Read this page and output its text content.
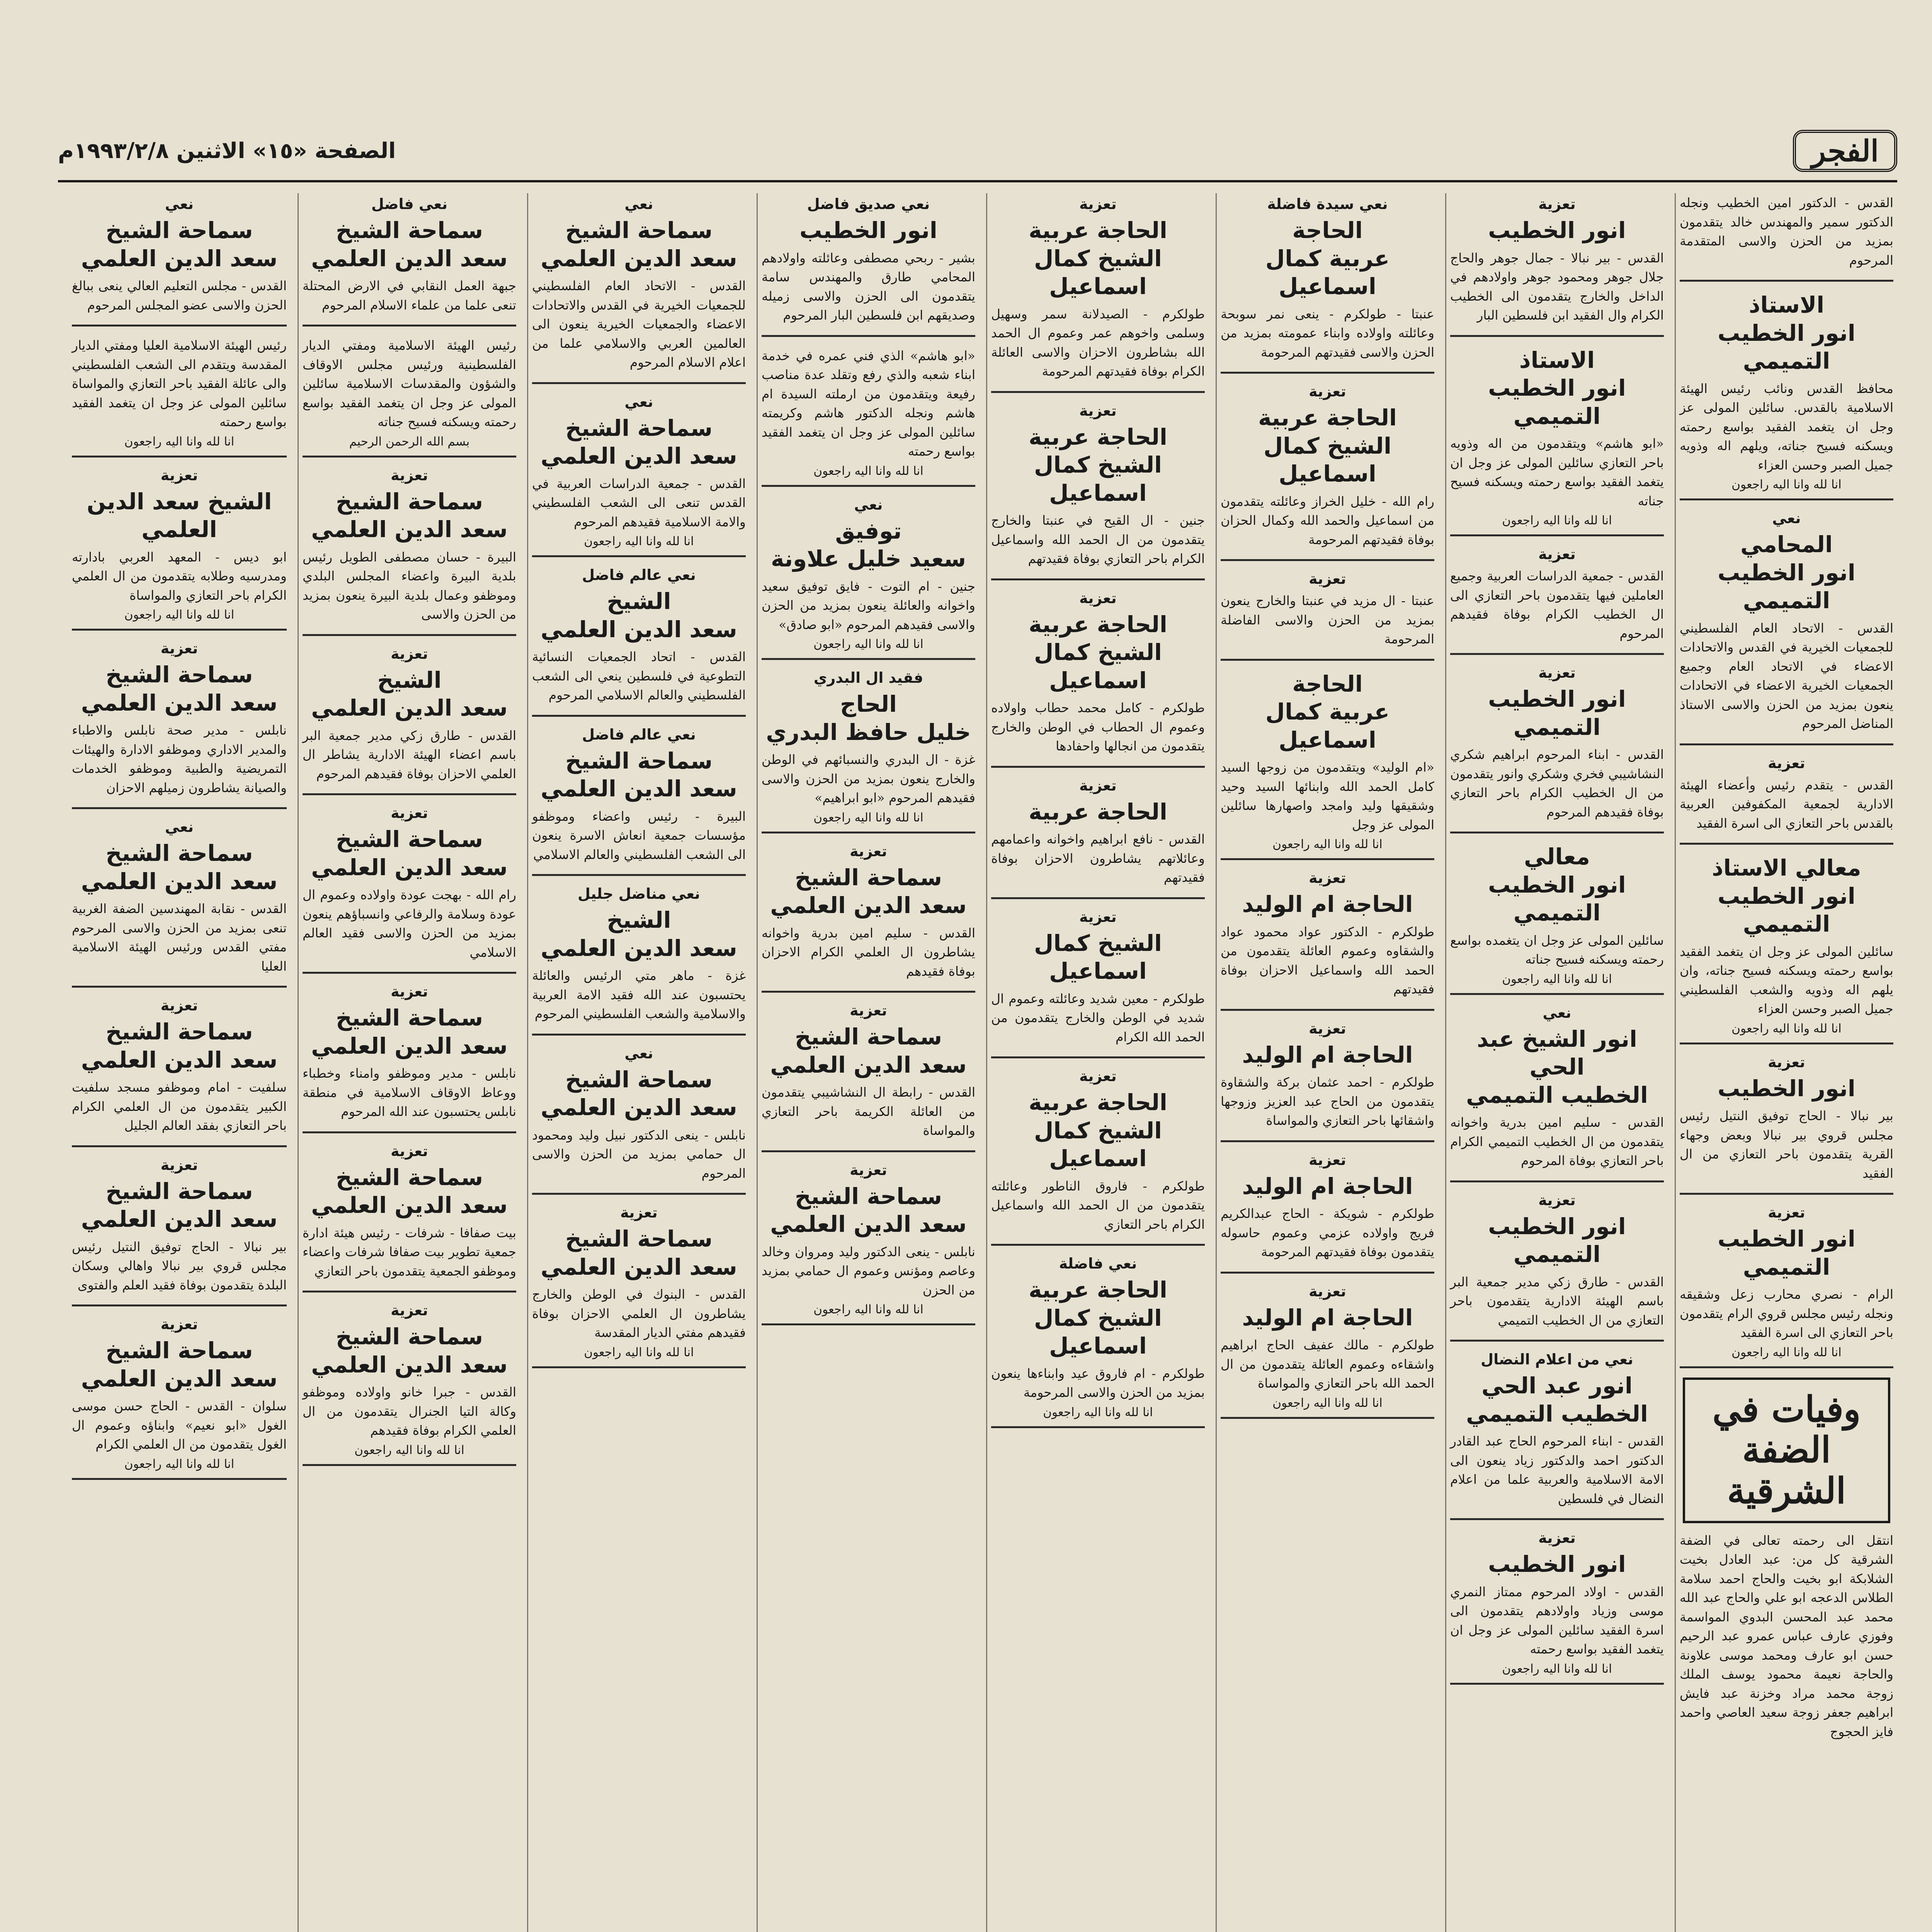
الفجر
الصفحة «١٥» الاثنين ١٩٩٣/٢/٨م
القدس - الدكتور امين الخطيب ونجله الدكتور سمير والمهندس خالد يتقدمون بمزيد من الحزن والاسى المتقدمة المرحوم
الاستاذ
انور الخطيب التميمي
محافظ القدس ونائب رئيس الهيئة الاسلامية بالقدس. سائلين المولى عز وجل ان يتغمد الفقيد بواسع رحمته ويسكنه فسيح جناته، ويلهم اله وذويه جميل الصبر وحسن العزاء
انا لله وانا اليه راجعون
نعي
المحامي
انور الخطيب التميمي
القدس - الاتحاد العام الفلسطيني للجمعيات الخيرية في القدس والاتحادات الاعضاء في الاتحاد العام وجميع الجمعيات الخيرية الاعضاء في الاتحادات ينعون بمزيد من الحزن والاسى الاستاذ المناضل المرحوم
تعزية
القدس - يتقدم رئيس وأعضاء الهيئة الادارية لجمعية المكفوفين العربية بالقدس باحر التعازي الى اسرة الفقيد
معالي الاستاذ
انور الخطيب التميمي
سائلين المولى عز وجل ان يتغمد الفقيد بواسع رحمته ويسكنه فسيح جناته، وان يلهم اله وذويه والشعب الفلسطيني جميل الصبر وحسن العزاء
انا لله وانا اليه راجعون
تعزية
انور الخطيب
بير نبالا - الحاج توفيق النتيل رئيس مجلس قروي بير نبالا وبعض وجهاء القرية يتقدمون باحر التعازي من ال الفقيد
تعزية
انور الخطيب التميمي
الرام - نصري محارب زعل وشقيقه ونجله رئيس مجلس قروي الرام يتقدمون باحر التعازي الى اسرة الفقيد
انا لله وانا اليه راجعون
وفيات في الضفة الشرقية
انتقل الى رحمته تعالى في الضفة الشرقية كل من: عبد العادل بخيت الشلابكة ابو بخيت والحاج احمد سلامة الطلاس الدعجه ابو علي والحاج عبد الله محمد عبد المحسن البدوي المواسمة وفوزي عارف عباس عمرو عبد الرحيم حسن ابو عارف ومحمد موسى علاونة والحاجة نعيمة محمود يوسف الملك زوجة محمد مراد وخزنة عبد فايش ابراهيم جعفر زوجة سعيد العاصي واحمد فايز الحجوج
تعزية
انور الخطيب
القدس - بير نبالا - جمال جوهر والحاج جلال جوهر ومحمود جوهر واولادهم في الداخل والخارج يتقدمون الى الخطيب الكرام وال الفقيد ابن فلسطين البار
الاستاذ
انور الخطيب التميمي
«ابو هاشم» ويتقدمون من اله وذويه باحر التعازي سائلين المولى عز وجل ان يتغمد الفقيد بواسع رحمته ويسكنه فسيح جناته
انا لله وانا اليه راجعون
تعزية
القدس - جمعية الدراسات العربية وجميع العاملين فيها يتقدمون باحر التعازي الى ال الخطيب الكرام بوفاة فقيدهم المرحوم
تعزية
انور الخطيب التميمي
القدس - ابناء المرحوم ابراهيم شكري النشاشيبي فخري وشكري وانور يتقدمون من ال الخطيب الكرام باحر التعازي بوفاة فقيدهم المرحوم
معالي
انور الخطيب التميمي
سائلين المولى عز وجل ان يتغمده بواسع رحمته ويسكنه فسيح جناته
انا لله وانا اليه راجعون
نعي
انور الشيخ عبد الحي
الخطيب التميمي
القدس - سليم امين بدرية واخوانه يتقدمون من ال الخطيب التميمي الكرام باحر التعازي بوفاة المرحوم
تعزية
انور الخطيب التميمي
القدس - طارق زكي مدير جمعية البر باسم الهيئة الادارية يتقدمون باحر التعازي من ال الخطيب التميمي
نعي من اعلام النضال
انور عبد الحي
الخطيب التميمي
القدس - ابناء المرحوم الحاج عبد القادر الدكتور احمد والدكتور زياد ينعون الى الامة الاسلامية والعربية علما من اعلام النضال في فلسطين
تعزية
انور الخطيب
القدس - اولاد المرحوم ممتاز النمري موسى وزياد واولادهم يتقدمون الى اسرة الفقيد سائلين المولى عز وجل ان يتغمد الفقيد بواسع رحمته
انا لله وانا اليه راجعون
نعي سيدة فاضلة
الحاجة
عربية كمال اسماعيل
عنبتا - طولكرم - ينعى نمر سوبحة وعائلته واولاده وابناء عمومته بمزيد من الحزن والاسى فقيدتهم المرحومة
تعزية
الحاجة عربية
الشيخ كمال اسماعيل
رام الله - خليل الخراز وعائلته يتقدمون من اسماعيل والحمد الله وكمال الحزان بوفاة فقيدتهم المرحومة
تعزية
عنبتا - ال مزيد في عنبتا والخارج ينعون بمزيد من الحزن والاسى الفاضلة المرحومة
الحاجة
عربية كمال اسماعيل
«ام الوليد» ويتقدمون من زوجها السيد كامل الحمد الله وابنائها السيد وحيد وشقيقها وليد وامجد واصهارها سائلين المولى عز وجل
انا لله وانا اليه راجعون
تعزية
الحاجة ام الوليد
طولكرم - الدكتور عواد محمود عواد والشقاوه وعموم العائلة يتقدمون من الحمد الله واسماعيل الاحزان بوفاة فقيدتهم
تعزية
الحاجة ام الوليد
طولكرم - احمد عثمان بركة والشقاوة يتقدمون من الحاج عبد العزيز وزوجها واشقائها باحر التعازي والمواساة
تعزية
الحاجة ام الوليد
طولكرم - شويكة - الحاج عبدالكريم فريج واولاده عزمي وعموم حاسوله يتقدمون بوفاة فقيدتهم المرحومة
تعزية
الحاجة ام الوليد
طولكرم - مالك عفيف الحاج ابراهيم واشقاءه وعموم العائلة يتقدمون من ال الحمد الله باحر التعازي والمواساة
انا لله وانا اليه راجعون
تعزية
الحاجة عربية
الشيخ كمال اسماعيل
طولكرم - الصيدلانة سمر وسهيل وسلمى واخوهم عمر وعموم ال الحمد الله بشاطرون الاحزان والاسى العائلة الكرام بوفاة فقيدتهم المرحومة
تعزية
الحاجة عربية
الشيخ كمال اسماعيل
جنين - ال القيح في عنبتا والخارج يتقدمون من ال الحمد الله واسماعيل الكرام باحر التعازي بوفاة فقيدتهم
تعزية
الحاجة عربية
الشيخ كمال اسماعيل
طولكرم - كامل محمد حطاب واولاده وعموم ال الحطاب في الوطن والخارج يتقدمون من انجالها واحفادها
تعزية
الحاجة عربية
القدس - نافع ابراهيم واخوانه واعمامهم وعائلاتهم يشاطرون الاحزان بوفاة فقيدتهم
تعزية
الشيخ كمال اسماعيل
طولكرم - معين شديد وعائلته وعموم ال شديد في الوطن والخارج يتقدمون من الحمد الله الكرام
تعزية
الحاجة عربية
الشيخ كمال اسماعيل
طولكرم - فاروق الناطور وعائلته يتقدمون من ال الحمد الله واسماعيل الكرام باحر التعازي
نعي فاضلة
الحاجة عربية
الشيخ كمال اسماعيل
طولكرم - ام فاروق عيد وابناءها ينعون بمزيد من الحزن والاسى المرحومة
انا لله وانا اليه راجعون
نعي صديق فاضل
انور الخطيب
بشير - ربحي مصطفى وعائلته واولادهم المحامي طارق والمهندس سامة يتقدمون الى الحزن والاسى زميله وصديقهم ابن فلسطين البار المرحوم
«ابو هاشم» الذي فني عمره في خدمة ابناء شعبه والذي رفع وتقلد عدة مناصب رفيعة ويتقدمون من ارملته السيدة ام هاشم ونجله الدكتور هاشم وكريمته سائلين المولى عز وجل ان يتغمد الفقيد بواسع رحمته
انا لله وانا اليه راجعون
نعي
توفيق
سعيد خليل علاونة
جنين - ام التوت - فايق توفيق سعيد واخوانه والعائلة ينعون بمزيد من الحزن والاسى فقيدهم المرحوم «ابو صادق»
انا لله وانا اليه راجعون
فقيد ال البدري
الحاج
خليل حافظ البدري
غزة - ال البدري والنسبائهم في الوطن والخارج ينعون بمزيد من الحزن والاسى فقيدهم المرحوم «ابو ابراهيم»
انا لله وانا اليه راجعون
تعزية
سماحة الشيخ
سعد الدين العلمي
القدس - سليم امين بدرية واخوانه يشاطرون ال العلمي الكرام الاحزان بوفاة فقيدهم
تعزية
سماحة الشيخ
سعد الدين العلمي
القدس - رابطة ال النشاشيبي يتقدمون من العائلة الكريمة باحر التعازي والمواساة
تعزية
سماحة الشيخ
سعد الدين العلمي
نابلس - ينعى الدكتور وليد ومروان وخالد وعاصم ومؤنس وعموم ال حمامي بمزيد من الحزن
انا لله وانا اليه راجعون
نعي
سماحة الشيخ
سعد الدين العلمي
القدس - الاتحاد العام الفلسطيني للجمعيات الخيرية في القدس والاتحادات الاعضاء والجمعيات الخيرية ينعون الى العالمين العربي والاسلامي علما من اعلام الاسلام المرحوم
نعي
سماحة الشيخ
سعد الدين العلمي
القدس - جمعية الدراسات العربية في القدس تنعى الى الشعب الفلسطيني والامة الاسلامية فقيدهم المرحوم
انا لله وانا اليه راجعون
نعي عالم فاضل
الشيخ
سعد الدين العلمي
القدس - اتحاد الجمعيات النسائية التطوعية في فلسطين ينعي الى الشعب الفلسطيني والعالم الاسلامي المرحوم
نعي عالم فاضل
سماحة الشيخ
سعد الدين العلمي
البيرة - رئيس واعضاء وموظفو مؤسسات جمعية انعاش الاسرة ينعون الى الشعب الفلسطيني والعالم الاسلامي
نعي مناضل جليل
الشيخ
سعد الدين العلمي
غزة - ماهر متي الرئيس والعائلة يحتسبون عند الله فقيد الامة العربية والاسلامية والشعب الفلسطيني المرحوم
نعي
سماحة الشيخ
سعد الدين العلمي
نابلس - ينعى الدكتور نبيل وليد ومحمود ال حمامي بمزيد من الحزن والاسى المرحوم
تعزية
سماحة الشيخ
سعد الدين العلمي
القدس - البنوك في الوطن والخارج يشاطرون ال العلمي الاحزان بوفاة فقيدهم مفتي الديار المقدسة
انا لله وانا اليه راجعون
نعي فاضل
سماحة الشيخ
سعد الدين العلمي
جبهة العمل النقابي في الارض المحتلة تنعى علما من علماء الاسلام المرحوم
رئيس الهيئة الاسلامية ومفتي الديار الفلسطينية ورئيس مجلس الاوقاف والشؤون والمقدسات الاسلامية سائلين المولى عز وجل ان يتغمد الفقيد بواسع رحمته ويسكنه فسيح جناته
بسم الله الرحمن الرحيم
تعزية
سماحة الشيخ
سعد الدين العلمي
البيرة - حسان مصطفى الطويل رئيس بلدية البيرة واعضاء المجلس البلدي وموظفو وعمال بلدية البيرة ينعون بمزيد من الحزن والاسى
تعزية
الشيخ
سعد الدين العلمي
القدس - طارق زكي مدير جمعية البر باسم اعضاء الهيئة الادارية يشاطر ال العلمي الاحزان بوفاة فقيدهم المرحوم
تعزية
سماحة الشيخ
سعد الدين العلمي
رام الله - بهجت عودة واولاده وعموم ال عودة وسلامة والرفاعي وانسباؤهم ينعون بمزيد من الحزن والاسى فقيد العالم الاسلامي
تعزية
سماحة الشيخ
سعد الدين العلمي
نابلس - مدير وموظفو وامناء وخطباء ووعاظ الاوقاف الاسلامية في منطقة نابلس يحتسبون عند الله المرحوم
تعزية
سماحة الشيخ
سعد الدين العلمي
بيت صفافا - شرفات - رئيس هيئة ادارة جمعية تطوير بيت صفافا شرفات واعضاء وموظفو الجمعية يتقدمون باحر التعازي
تعزية
سماحة الشيخ
سعد الدين العلمي
القدس - جبرا خانو واولاده وموظفو وكالة التيا الجنرال يتقدمون من ال العلمي الكرام بوفاة فقيدهم
انا لله وانا اليه راجعون
نعي
سماحة الشيخ
سعد الدين العلمي
القدس - مجلس التعليم العالي ينعى ببالغ الحزن والاسى عضو المجلس المرحوم
رئيس الهيئة الاسلامية العليا ومفتي الديار المقدسة ويتقدم الى الشعب الفلسطيني والى عائلة الفقيد باحر التعازي والمواساة سائلين المولى عز وجل ان يتغمد الفقيد بواسع رحمته
انا لله وانا اليه راجعون
تعزية
الشيخ سعد الدين العلمي
ابو ديس - المعهد العربي بادارته ومدرسيه وطلابه يتقدمون من ال العلمي الكرام باحر التعازي والمواساة
انا لله وانا اليه راجعون
تعزية
سماحة الشيخ
سعد الدين العلمي
نابلس - مدير صحة نابلس والاطباء والمدير الاداري وموظفو الادارة والهيئات التمريضية والطبية وموظفو الخدمات والصيانة يشاطرون زميلهم الاحزان
نعي
سماحة الشيخ
سعد الدين العلمي
القدس - نقابة المهندسين الضفة الغربية تنعى بمزيد من الحزن والاسى المرحوم مفتي القدس ورئيس الهيئة الاسلامية العليا
تعزية
سماحة الشيخ
سعد الدين العلمي
سلفيت - امام وموظفو مسجد سلفيت الكبير يتقدمون من ال العلمي الكرام باحر التعازي بفقد العالم الجليل
تعزية
سماحة الشيخ
سعد الدين العلمي
بير نبالا - الحاج توفيق النتيل رئيس مجلس قروي بير نبالا واهالي وسكان البلدة يتقدمون بوفاة فقيد العلم والفتوى
تعزية
سماحة الشيخ
سعد الدين العلمي
سلوان - القدس - الحاج حسن موسى الغول «ابو نعيم» وابناؤه وعموم ال الغول يتقدمون من ال العلمي الكرام
انا لله وانا اليه راجعون
